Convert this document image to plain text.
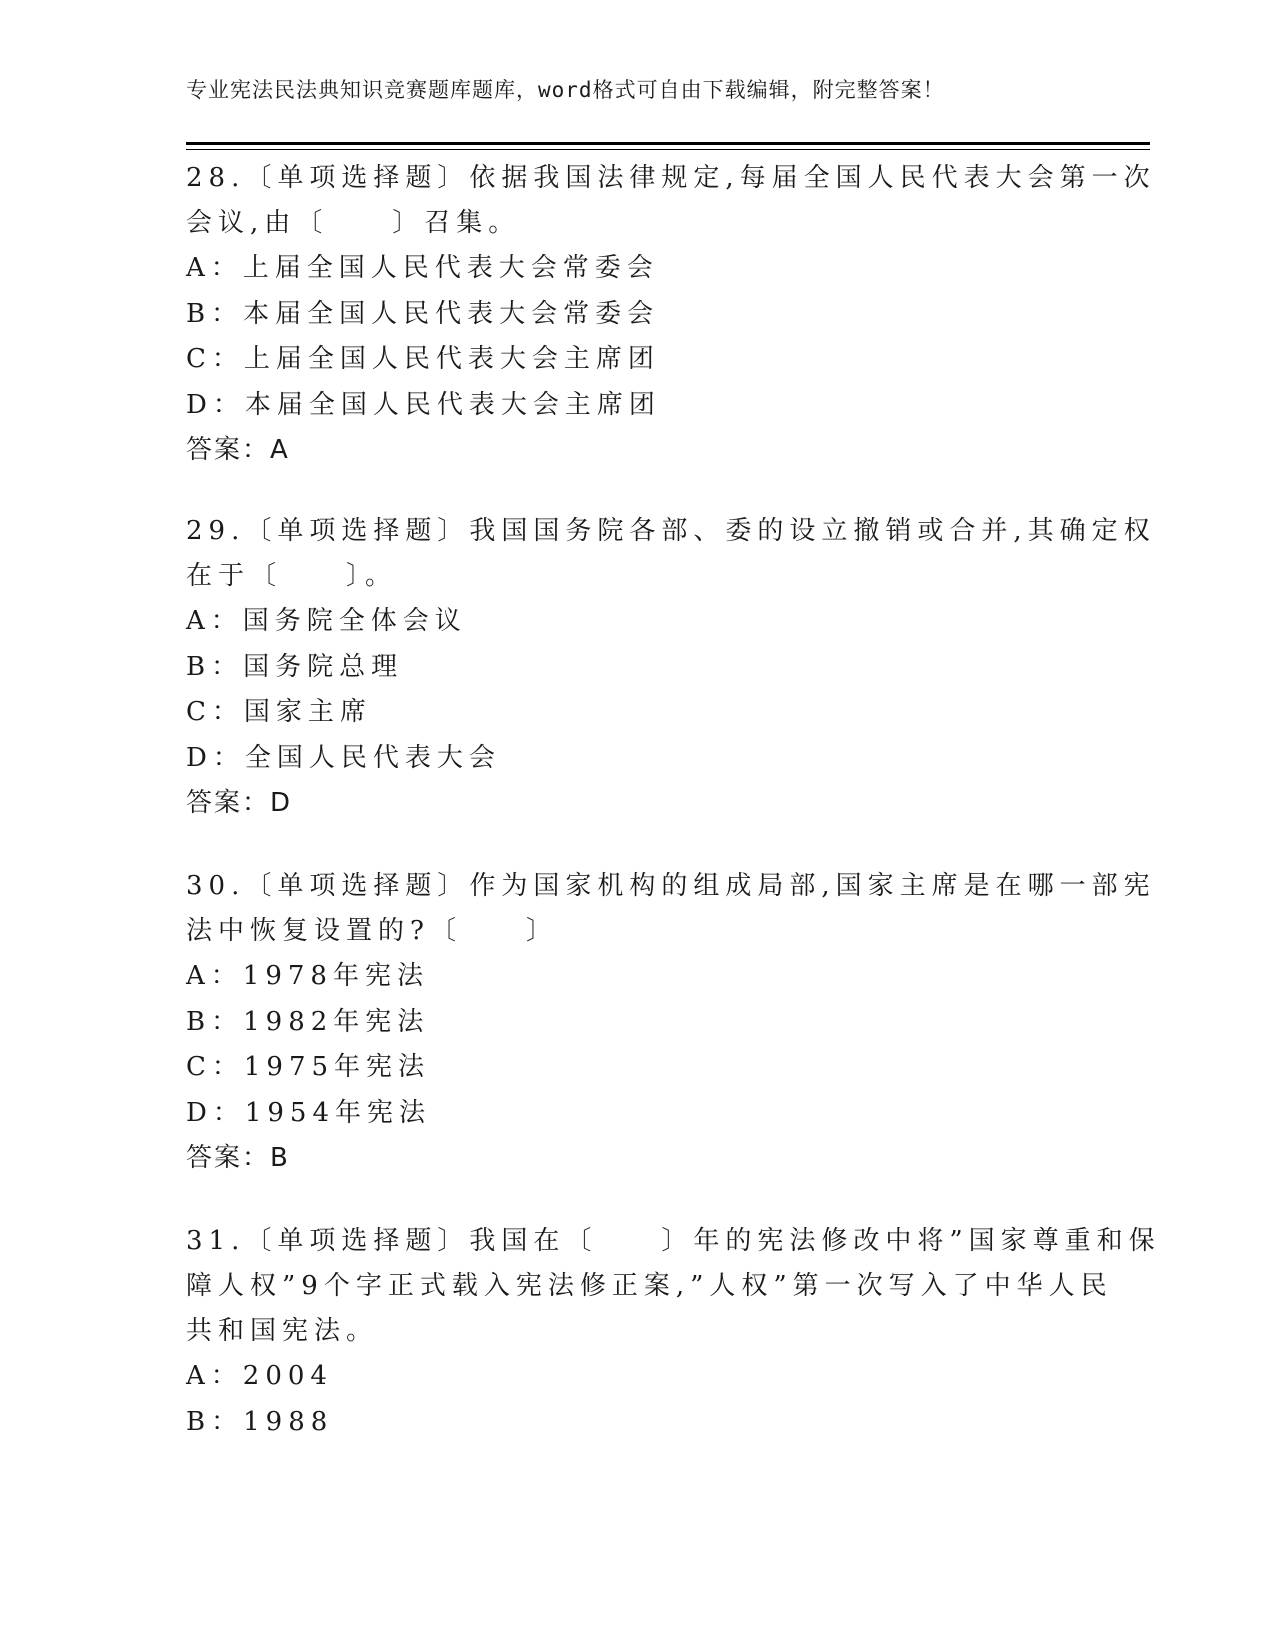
专业宪法民法典知识竞赛题库题库，word格式可自由下载编辑，附完整答案！
28.〔单项选择题〕依据我国法律规定,每届全国人民代表大会第一次
会议,由〔　　〕召集。
A：上届全国人民代表大会常委会
B：本届全国人民代表大会常委会
C：上届全国人民代表大会主席团
D：本届全国人民代表大会主席团
答案：A
29.〔单项选择题〕我国国务院各部、委的设立撤销或合并,其确定权
在于〔　　〕。
A：国务院全体会议
B：国务院总理
C：国家主席
D：全国人民代表大会
答案：D
30.〔单项选择题〕作为国家机构的组成局部,国家主席是在哪一部宪
法中恢复设置的?〔　　〕
A：1978年宪法
B：1982年宪法
C：1975年宪法
D：1954年宪法
答案：B
31.〔单项选择题〕我国在〔　　〕年的宪法修改中将”国家尊重和保
障人权”9个字正式载入宪法修正案,”人权”第一次写入了中华人民
共和国宪法。
A：2004
B：1988
